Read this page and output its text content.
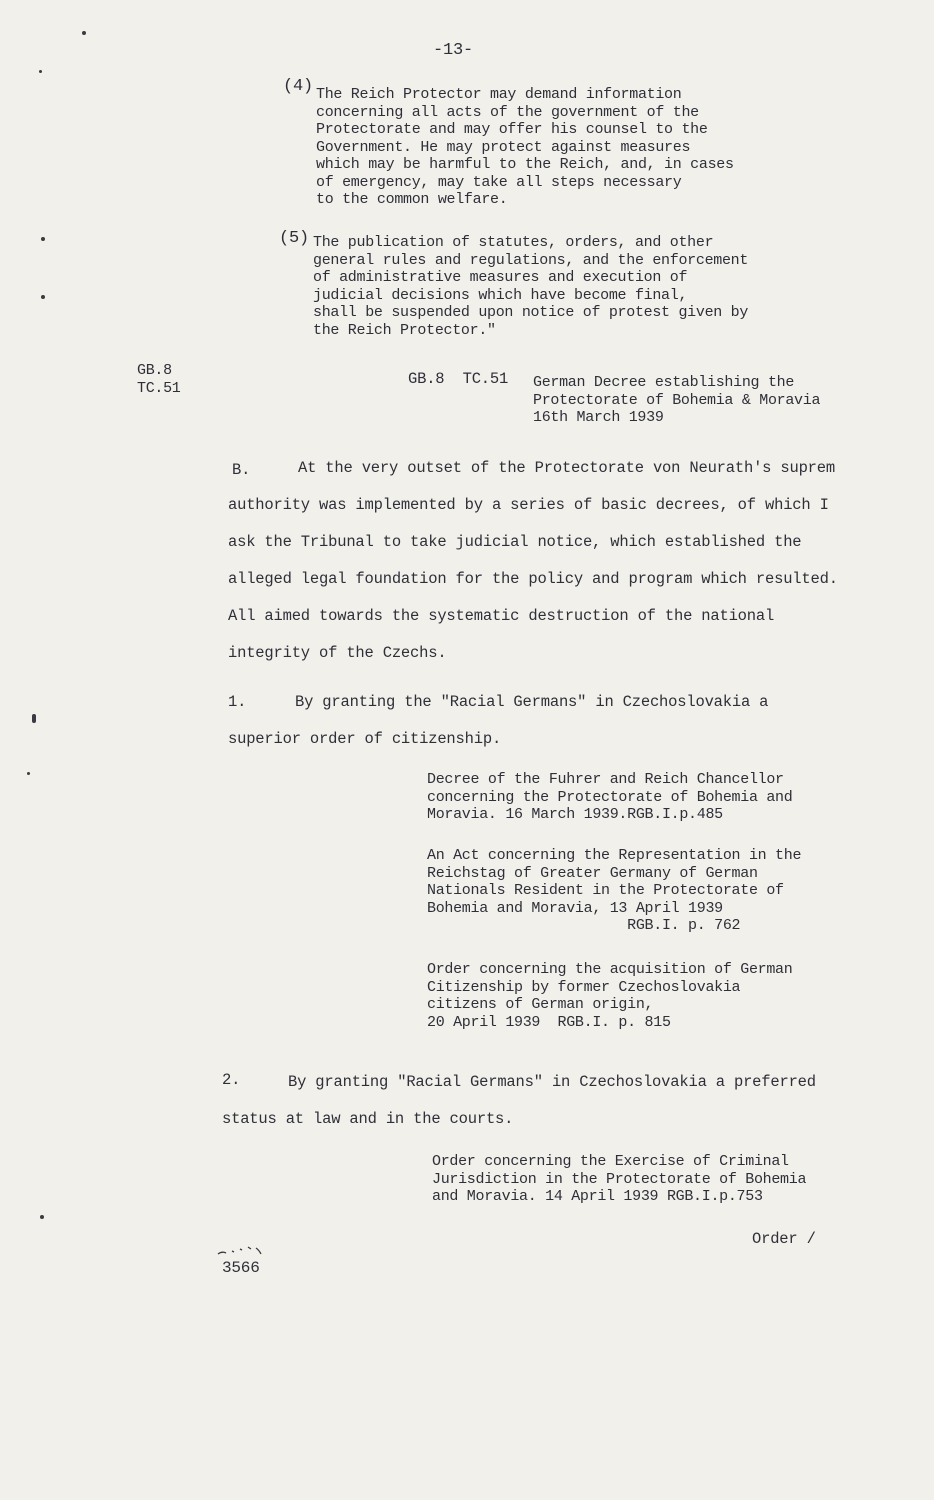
-13-
(4) The Reich Protector may demand information
concerning all acts of the government of the
Protectorate and may offer his counsel to the
Government. He may protect against measures
which may be harmful to the Reich, and, in cases
of emergency, may take all steps necessary
to the common welfare.
(5) The publication of statutes, orders, and other
general rules and regulations, and the enforcement
of administrative measures and execution of
judicial decisions which have become final,
shall be suspended upon notice of protest given by
the Reich Protector."
GB.8
TC.51
GB.8  TC.51 German Decree establishing the
Protectorate of Bohemia & Moravia
16th March 1939
B.	At the very outset of the Protectorate von Neurath's suprem
authority was implemented by a series of basic decrees, of which I
ask the Tribunal to take judicial notice, which established the
alleged legal foundation for the policy and program which resulted.
All aimed towards the systematic destruction of the national
integrity of the Czechs.
1.	By granting the "Racial Germans" in Czechoslovakia a
superior order of citizenship.
Decree of the Fuhrer and Reich Chancellor
concerning the Protectorate of Bohemia and
Moravia. 16 March 1939.RGB.I.p.485
An Act concerning the Representation in the
Reichstag of Greater Germany of German
Nationals Resident in the Protectorate of
Bohemia and Moravia, 13 April 1939
RGB.I. p. 762
Order concerning the acquisition of German
Citizenship by former Czechoslovakia
citizens of German origin,
20 April 1939  RGB.I. p. 815
2.	By granting "Racial Germans" in Czechoslovakia a preferred
status at law and in the courts.
Order concerning the Exercise of Criminal
Jurisdiction in the Protectorate of Bohemia
and Moravia. 14 April 1939 RGB.I.p.753
Order /
3566
